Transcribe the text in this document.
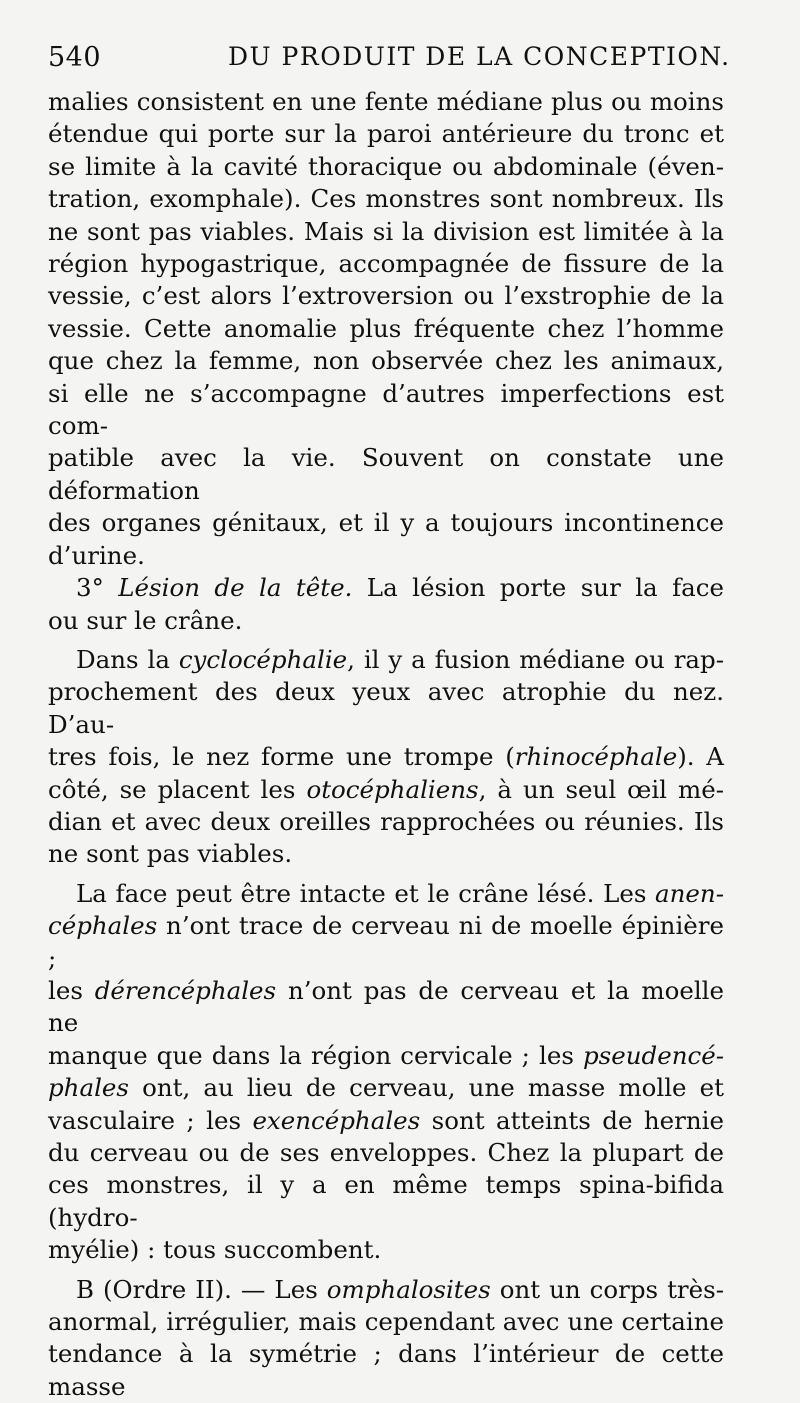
540	DU PRODUIT DE LA CONCEPTION.

malies consistent en une fente médiane plus ou moins

étendue qui porte sur la paroi antérieure du tronc et

se limite à la cavité thoracique ou abdominale (éven-

tration, exomphale). Ces monstres sont nombreux. Ils

ne sont pas viables. Mais si la division est limitée à la

région hypogastrique, accompagnée de fissure de la

vessie, c’est alors l’extroversion ou l’exstrophie de la

vessie. Cette anomalie plus fréquente chez l’homme

que chez la femme, non observée chez les animaux,

si elle ne s’accompagne d’autres imperfections est com-

patible avec la vie. Souvent on constate une déformation

des organes génitaux, et il y a toujours incontinence

d’urine.

3° Lésion de la tête. La lésion porte sur la face

ou sur le crâne.

Dans la cyclocéphalie, il y a fusion médiane ou rap-

prochement des deux yeux avec atrophie du nez. D’au-

tres fois, le nez forme une trompe (rhinocéphale). A

côté, se placent les otocéphaliens, à un seul œil mé-

dian et avec deux oreilles rapprochées ou réunies. Ils

ne sont pas viables.

La face peut être intacte et le crâne lésé. Les anen-

céphales n’ont trace de cerveau ni de moelle épinière ;

les dérencéphales n’ont pas de cerveau et la moelle ne

manque que dans la région cervicale ; les pseudencé-

phales ont, au lieu de cerveau, une masse molle et

vasculaire ; les exencéphales sont atteints de hernie

du cerveau ou de ses enveloppes. Chez la plupart de

ces monstres, il y a en même temps spina-bifida (hydro-

myélie) : tous succombent.

B (Ordre II). — Les omphalosites ont un corps très-

anormal, irrégulier, mais cependant avec une certaine

tendance à la symétrie ; dans l’intérieur de cette masse
